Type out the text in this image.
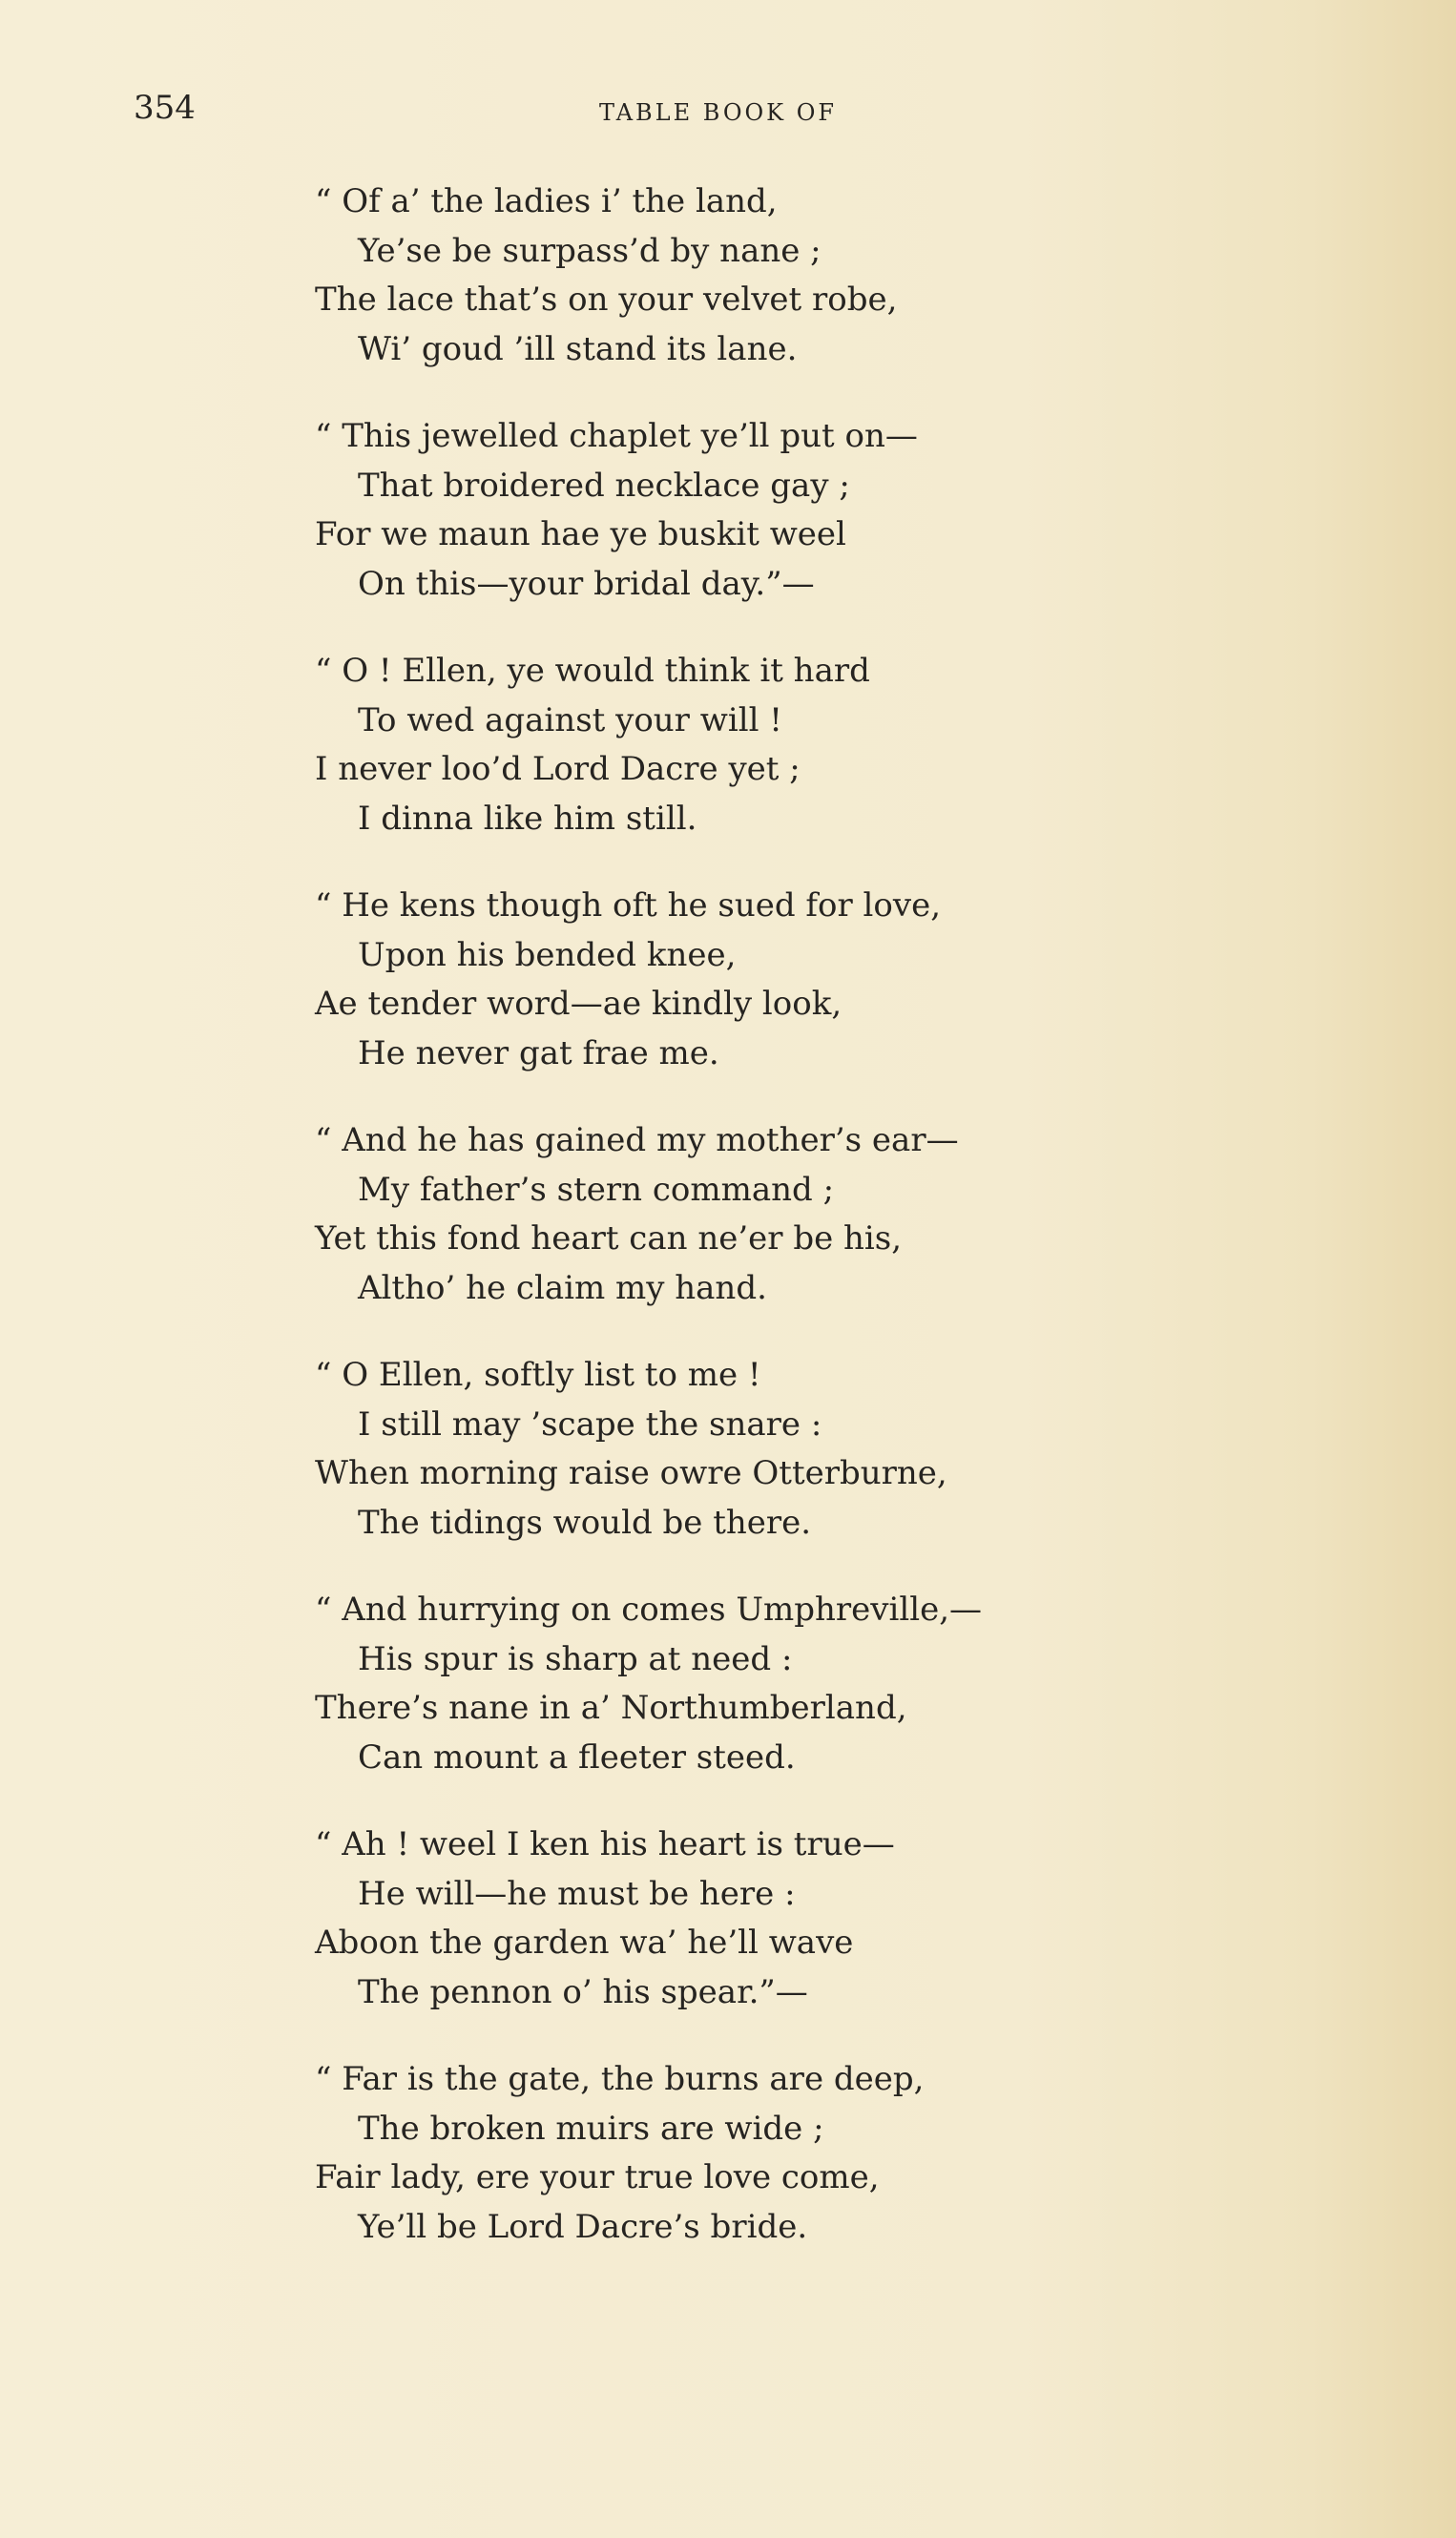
354	TABLE BOOK OF
“ Of a’ the ladies i’ the land,
Ye’se be surpass’d by nane ;
The lace that’s on your velvet robe,
Wi’ goud ’ill stand its lane.
“ This jewelled chaplet ye’ll put on—
That broidered necklace gay ;
For we maun hae ye buskit weel
On this—your bridal day.”—
“ O ! Ellen, ye would think it hard
To wed against your will !
I never loo’d Lord Dacre yet ;
I dinna like him still.
“ He kens though oft he sued for love,
Upon his bended knee,
Ae tender word—ae kindly look,
He never gat frae me.
“ And he has gained my mother’s ear—
My father’s stern command ;
Yet this fond heart can ne’er be his,
Altho’ he claim my hand.
“ O Ellen, softly list to me !
I still may ’scape the snare :
When morning raise owre Otterburne,
The tidings would be there.
“ And hurrying on comes Umphreville,—
His spur is sharp at need :
There’s nane in a’ Northumberland,
Can mount a fleeter steed.
“ Ah ! weel I ken his heart is true—
He will—he must be here :
Aboon the garden wa’ he’ll wave
The pennon o’ his spear.”—
“ Far is the gate, the burns are deep,
The broken muirs are wide ;
Fair lady, ere your true love come,
Ye’ll be Lord Dacre’s bride.
